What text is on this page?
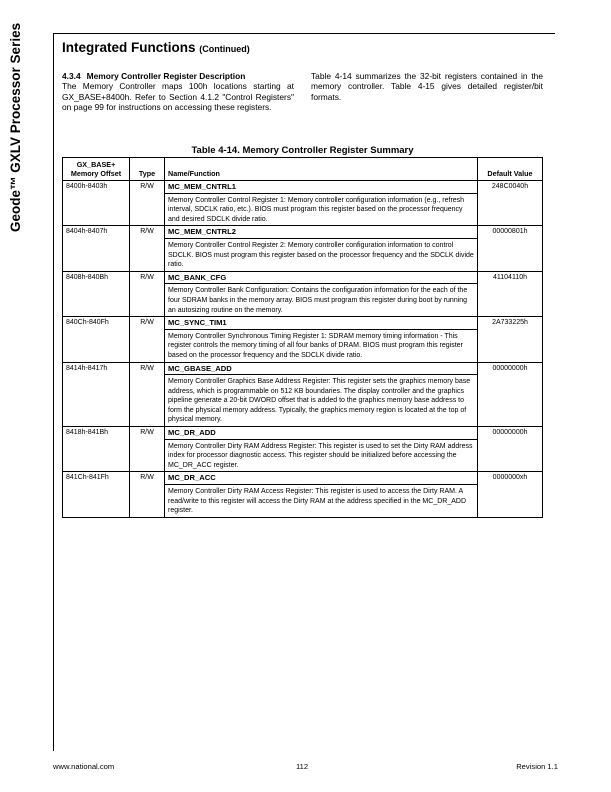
Geode™ GXLV Processor Series	Integrated Functions (Continued)
4.3.4 Memory Controller Register Description
The Memory Controller maps 100h locations starting at GX_BASE+8400h. Refer to Section 4.1.2 "Control Registers" on page 99 for instructions on accessing these registers.
Table 4-14 summarizes the 32-bit registers contained in the memory controller. Table 4-15 gives detailed register/bit formats.
Table 4-14. Memory Controller Register Summary
GX_BASE+
Memory Offset	Type	Name/Function	Default Value
8400h-8403h	R/W	MC_MEM_CNTRL1
Memory Controller Control Register 1: Memory controller configuration information (e.g., refresh interval, SDCLK ratio, etc.). BIOS must program this register based on the processor frequency and desired SDCLK divide ratio.	248C0040h
8404h-8407h	R/W	MC_MEM_CNTRL2
Memory Controller Control Register 2: Memory controller configuration information to control SDCLK. BIOS must program this register based on the processor frequency and the SDCLK divide ratio.	00000801h
8408h-840Bh	R/W	MC_BANK_CFG
Memory Controller Bank Configuration: Contains the configuration information for the each of the four SDRAM banks in the memory array. BIOS must program this register during boot by running an autosizing routine on the memory.	41104110h
840Ch-840Fh	R/W	MC_SYNC_TIM1
Memory Controller Synchronous Timing Register 1: SDRAM memory timing information - This register controls the memory timing of all four banks of DRAM. BIOS must program this register based on the processor frequency and the SDCLK divide ratio.	2A733225h
8414h-8417h	R/W	MC_GBASE_ADD
Memory Controller Graphics Base Address Register: This register sets the graphics memory base address, which is programmable on 512 KB boundaries. The display controller and the graphics pipeline generate a 20-bit DWORD offset that is added to the graphics memory base address to form the physical memory address. Typically, the graphics memory region is located at the top of physical memory.	00000000h
8418h-841Bh	R/W	MC_DR_ADD
Memory Controller Dirty RAM Address Register: This register is used to set the Dirty RAM address index for processor diagnostic access. This register should be initialized before accessing the MC_DR_ACC register.	00000000h
841Ch-841Fh	R/W	MC_DR_ACC
Memory Controller Dirty RAM Access Register: This register is used to access the Dirty RAM. A read/write to this register will access the Dirty RAM at the address specified in the MC_DR_ADD register.	0000000xh
www.national.com	112	Revision 1.1
